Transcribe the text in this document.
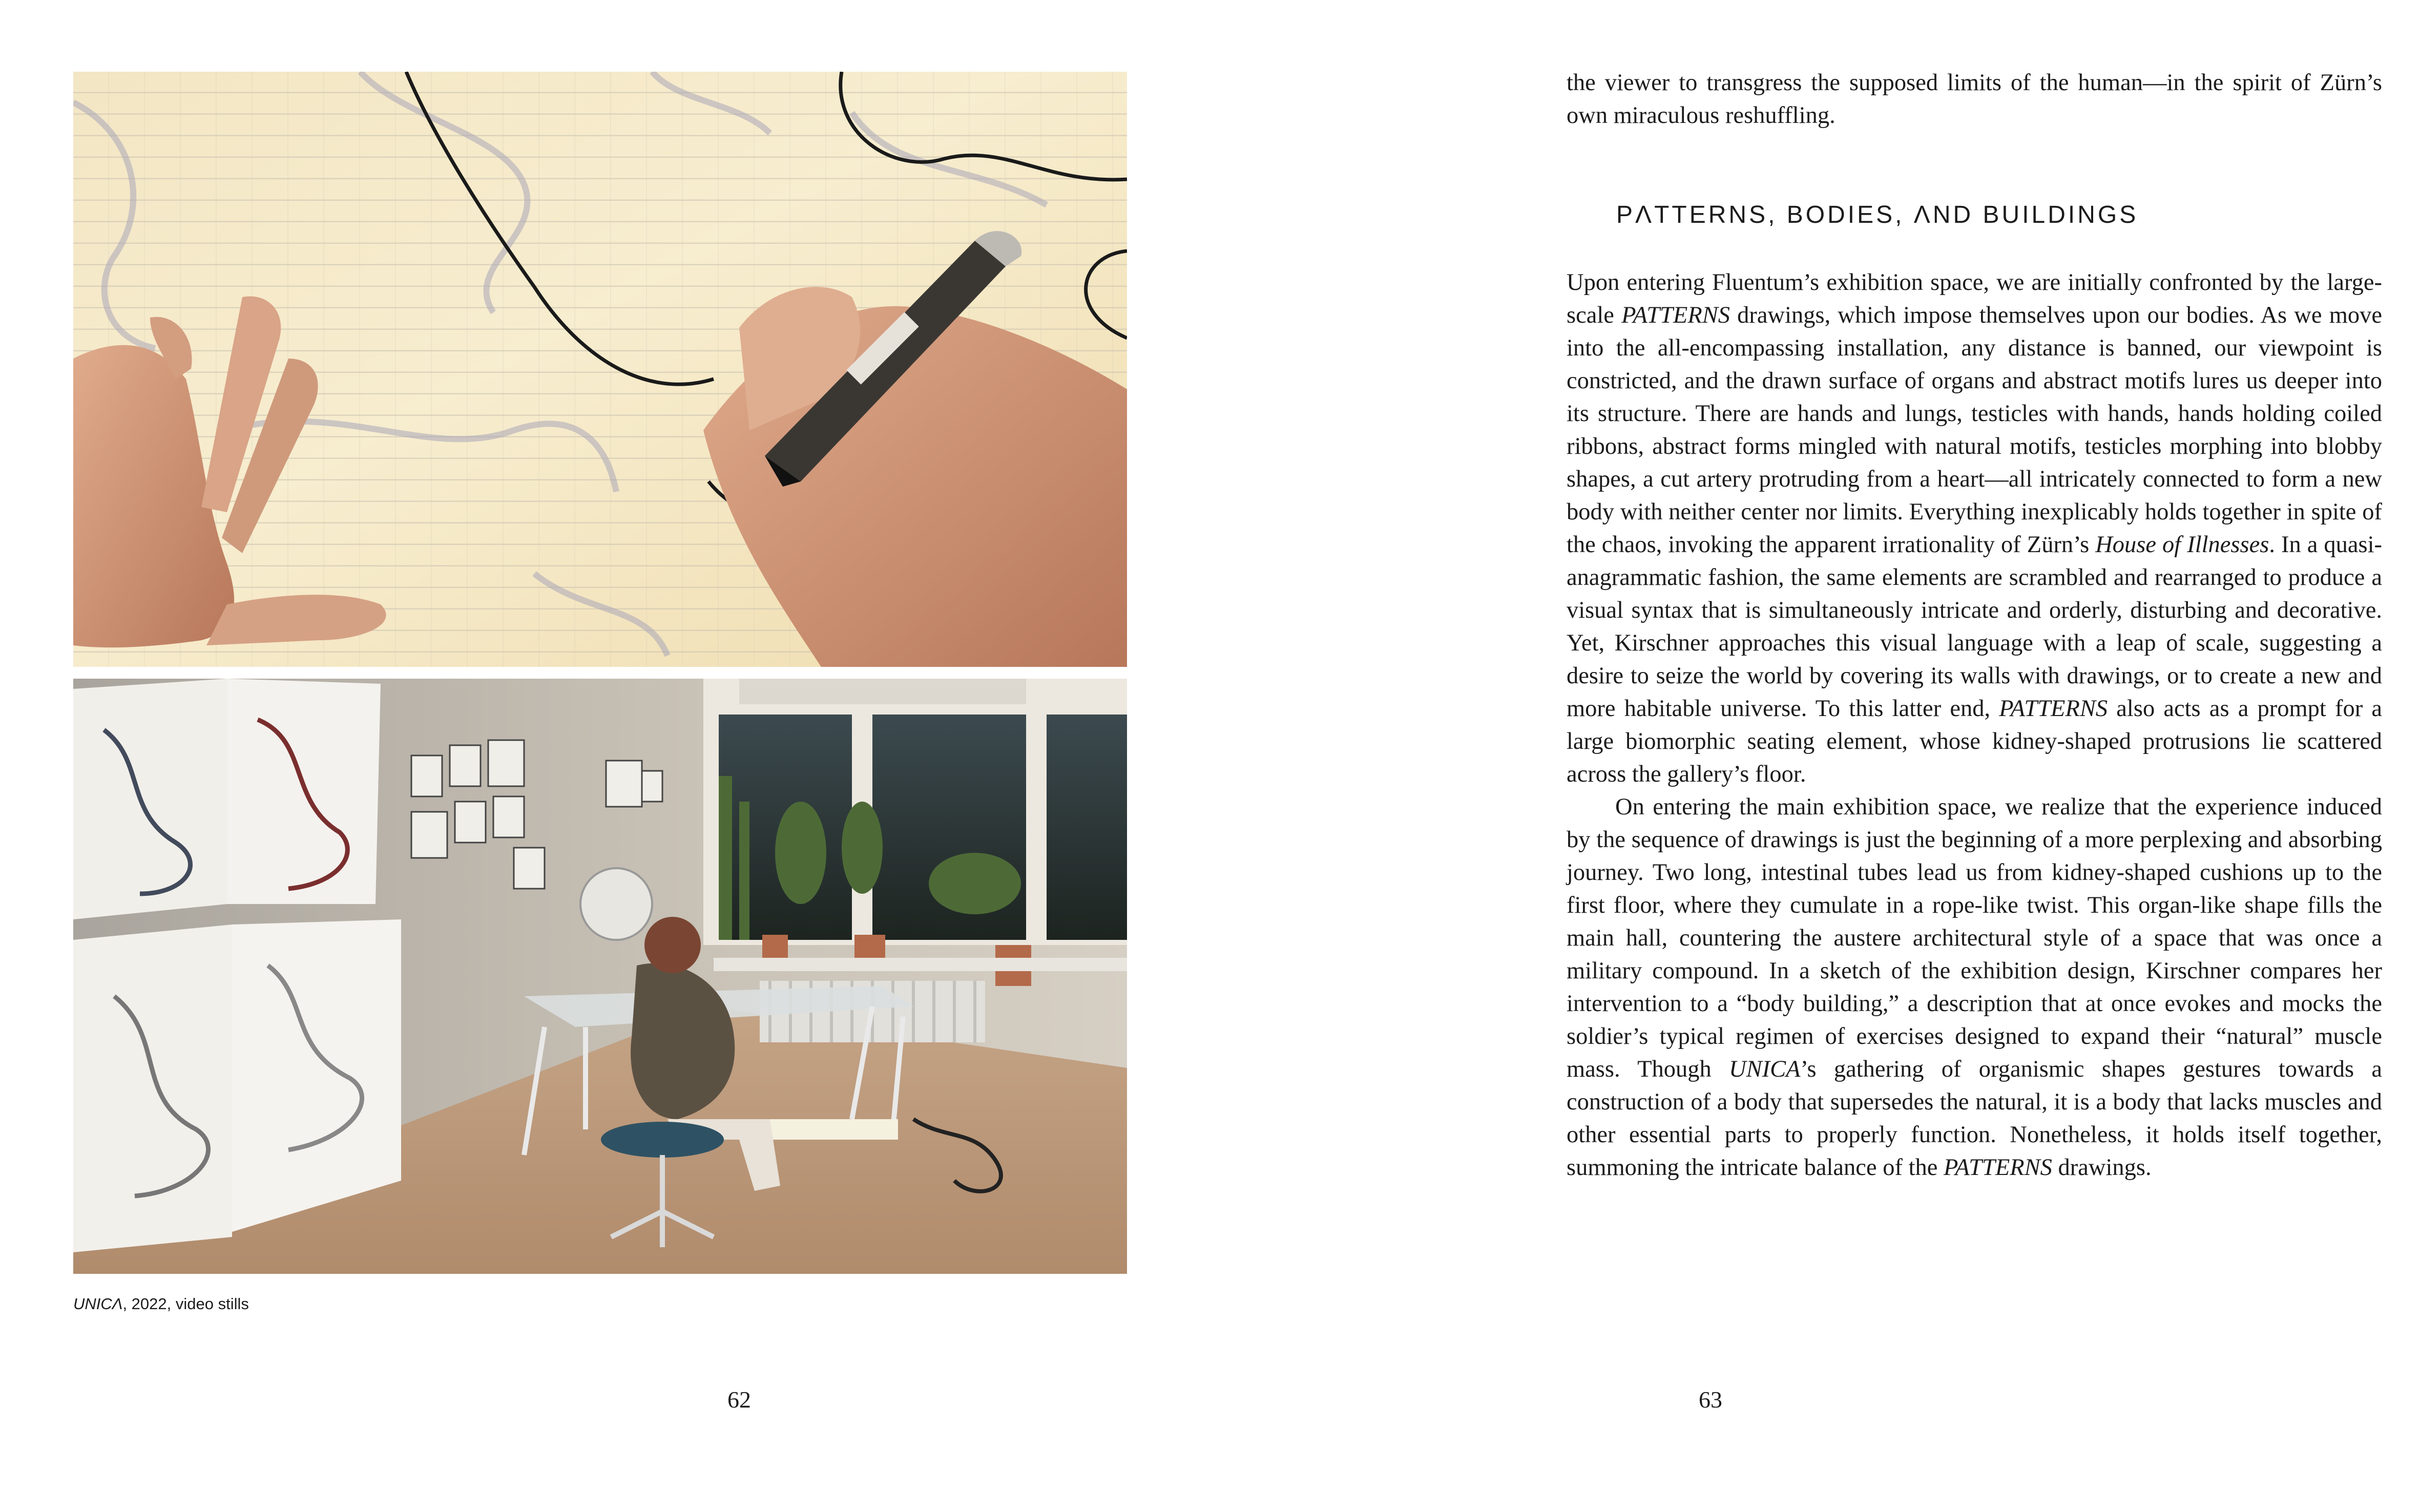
UNICΛ, 2022, video stills
62

the viewer to transgress the supposed limits of the human—in the spirit of Zürn’s own miraculous reshuffling.

PΛTTERNS, BODIES, ΛND BUILDINGS

Upon entering Fluentum’s exhibition space, we are initially confronted by the large-scale PATTERNS drawings, which impose themselves upon our bodies. As we move into the all-encompassing installation, any distance is banned, our viewpoint is constricted, and the drawn surface of organs and abstract motifs lures us deeper into its structure. There are hands and lungs, testicles with hands, hands holding coiled ribbons, abstract forms mingled with natural motifs, testicles morphing into blobby shapes, a cut artery protruding from a heart—all intricately connected to form a new body with neither center nor limits. Everything inexplicably holds together in spite of the chaos, invoking the apparent irrationality of Zürn’s House of Illnesses. In a quasi-anagrammatic fashion, the same elements are scrambled and rearranged to produce a visual syntax that is simultaneously intricate and orderly, disturbing and decorative. Yet, Kirschner approaches this visual language with a leap of scale, suggesting a desire to seize the world by covering its walls with drawings, or to create a new and more habitable universe. To this latter end, PATTERNS also acts as a prompt for a large biomorphic seating element, whose kidney-shaped protrusions lie scattered across the gallery’s floor.

On entering the main exhibition space, we realize that the experience induced by the sequence of drawings is just the beginning of a more perplexing and absorbing journey. Two long, intestinal tubes lead us from kidney-shaped cushions up to the first floor, where they cumulate in a rope-like twist. This organ-like shape fills the main hall, countering the austere architectural style of a space that was once a military compound. In a sketch of the exhibition design, Kirschner compares her intervention to a “body building,” a description that at once evokes and mocks the soldier’s typical regimen of exercises designed to expand their “natural” muscle mass. Though UNICA’s gathering of organismic shapes gestures towards a construction of a body that supersedes the natural, it is a body that lacks muscles and other essential parts to properly function. Nonetheless, it holds itself together, summoning the intricate balance of the PATTERNS drawings.

63
